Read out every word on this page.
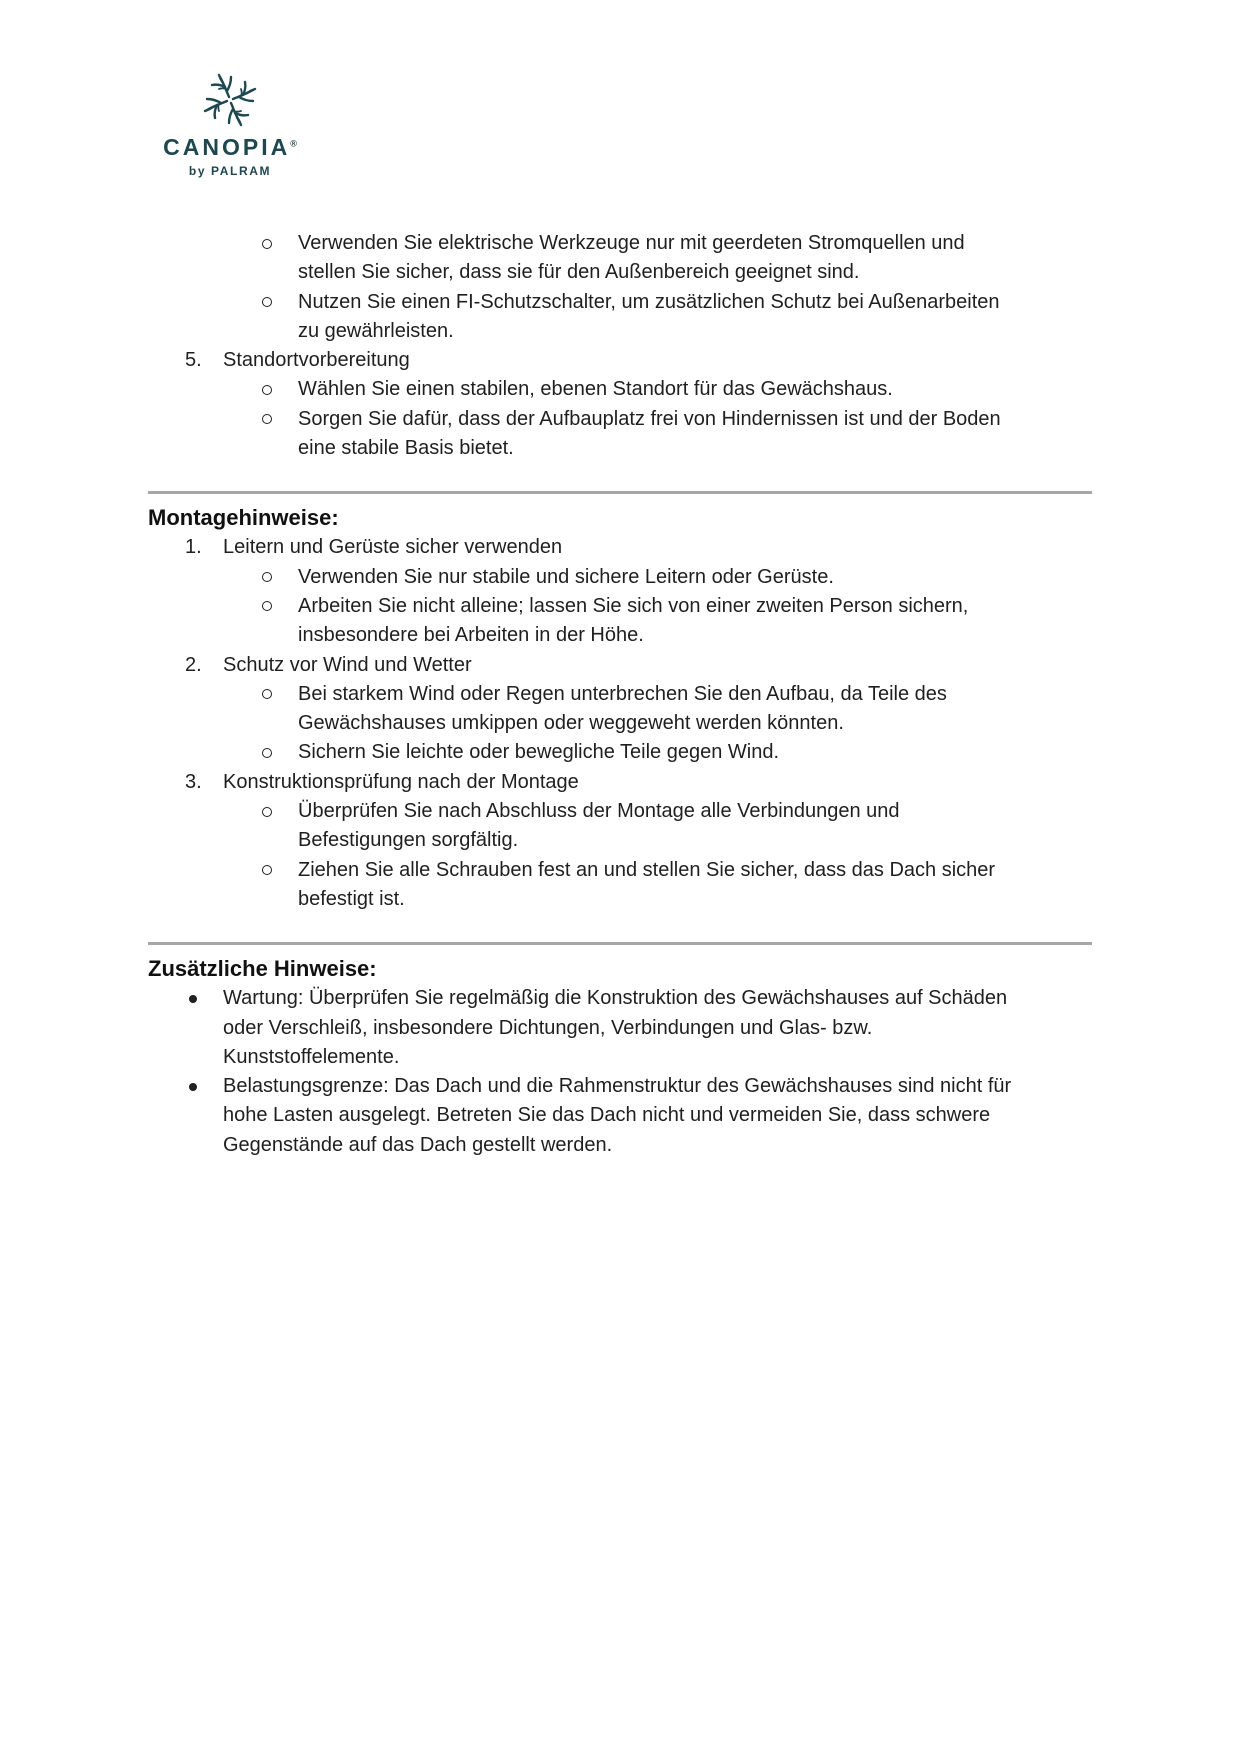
CANOPIA®
by PALRAM
Verwenden Sie elektrische Werkzeuge nur mit geerdeten Stromquellen und
stellen Sie sicher, dass sie für den Außenbereich geeignet sind.
Nutzen Sie einen FI-Schutzschalter, um zusätzlichen Schutz bei Außenarbeiten
zu gewährleisten.
5. Standortvorbereitung
Wählen Sie einen stabilen, ebenen Standort für das Gewächshaus.
Sorgen Sie dafür, dass der Aufbauplatz frei von Hindernissen ist und der Boden
eine stabile Basis bietet.
Montagehinweise:
1. Leitern und Gerüste sicher verwenden
Verwenden Sie nur stabile und sichere Leitern oder Gerüste.
Arbeiten Sie nicht alleine; lassen Sie sich von einer zweiten Person sichern,
insbesondere bei Arbeiten in der Höhe.
2. Schutz vor Wind und Wetter
Bei starkem Wind oder Regen unterbrechen Sie den Aufbau, da Teile des
Gewächshauses umkippen oder weggeweht werden könnten.
Sichern Sie leichte oder bewegliche Teile gegen Wind.
3. Konstruktionsprüfung nach der Montage
Überprüfen Sie nach Abschluss der Montage alle Verbindungen und
Befestigungen sorgfältig.
Ziehen Sie alle Schrauben fest an und stellen Sie sicher, dass das Dach sicher
befestigt ist.
Zusätzliche Hinweise:
Wartung: Überprüfen Sie regelmäßig die Konstruktion des Gewächshauses auf Schäden
oder Verschleiß, insbesondere Dichtungen, Verbindungen und Glas- bzw.
Kunststoffelemente.
Belastungsgrenze: Das Dach und die Rahmenstruktur des Gewächshauses sind nicht für
hohe Lasten ausgelegt. Betreten Sie das Dach nicht und vermeiden Sie, dass schwere
Gegenstände auf das Dach gestellt werden.
